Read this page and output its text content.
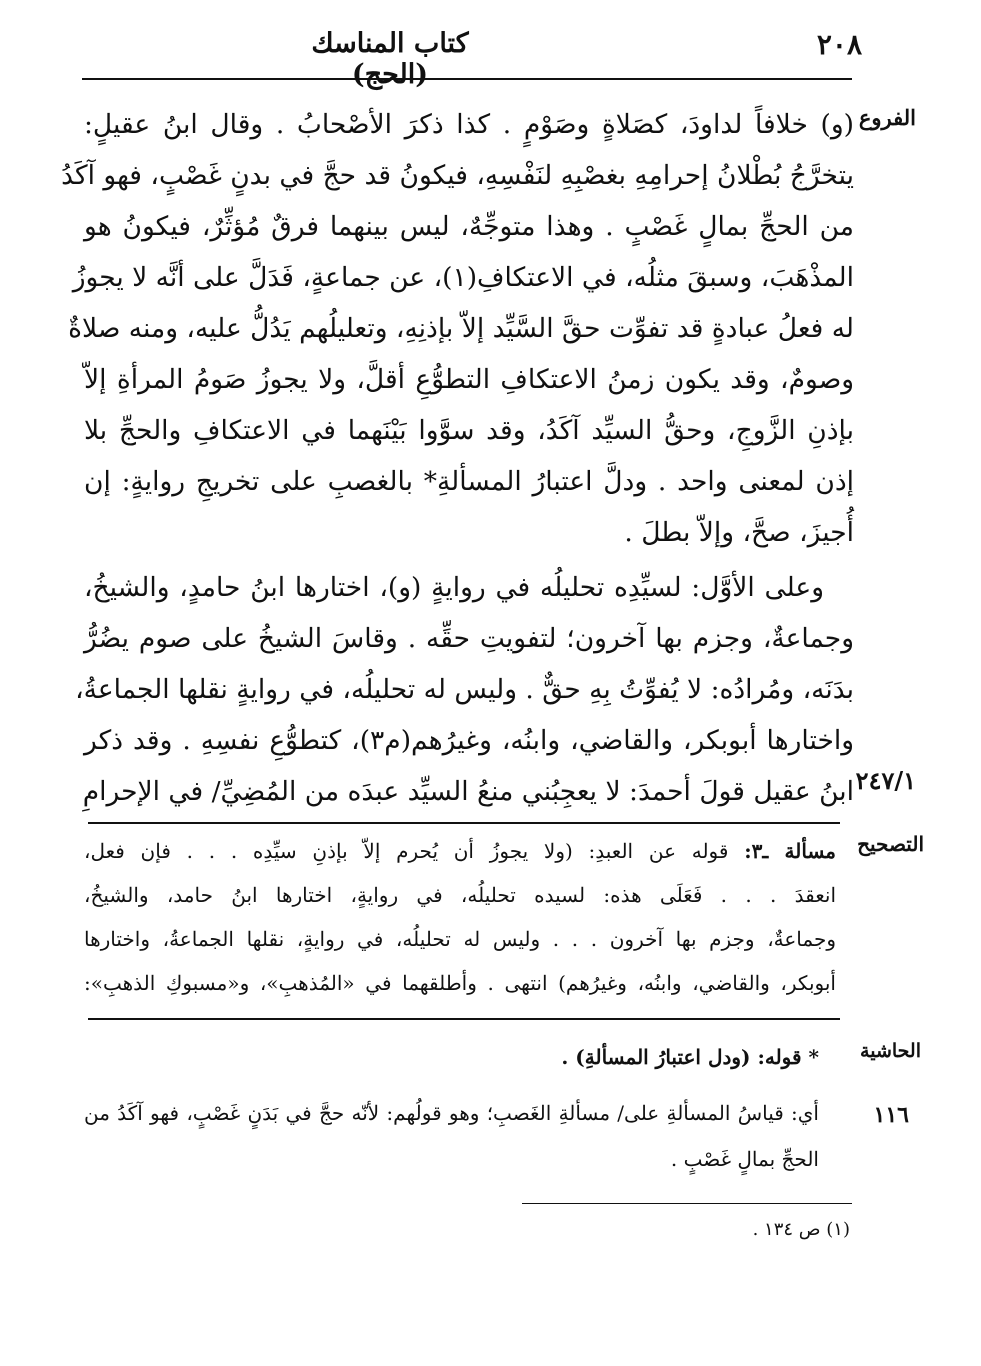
٢٠٨
كتاب المناسك (الحج)
الفروع
التصحيح
الحاشية
٢٤٧/١
١١٦
(و) خلافاً لداودَ، كصَلاةٍ وصَوْمٍ . كذا ذكرَ الأصْحابُ . وقال ابنُ عقيلٍ:
يتخرَّجُ بُطْلانُ إحرامِهِ بغصْبِهِ لنَفْسِهِ، فيكونُ قد حجَّ في بدنٍ غَصْبٍ، فهو آكَدُ
من الحجِّ بمالٍ غَصْبٍ . وهذا متوجِّهٌ، ليس بينهما فرقٌ مُؤثِّرٌ، فيكونُ هو
المذْهَبَ، وسبقَ مثلُه، في الاعتكافِ(١)، عن جماعةٍ، فَدَلَّ على أنَّه لا يجوزُ
له فعلُ عبادةٍ قد تفوِّت حقَّ السَّيِّد إلاّ بإذنِهِ، وتعليلُهم يَدُلُّ عليه، ومنه صلاةٌ
وصومٌ، وقد يكون زمنُ الاعتكافِ التطوُّعِ أقلَّ، ولا يجوزُ صَومُ المرأةِ إلاّ
بإذنِ الزَّوجِ، وحقُّ السيِّد آكَدُ، وقد سوَّوا بَيْنَهما في الاعتكافِ والحجِّ بلا
إذن لمعنى واحد . ودلَّ اعتبارُ المسألةِ* بالغصبِ على تخريجِ روايةٍ: إن
أُجيزَ، صحَّ، وإلاّ بطلَ .
وعلى الأوَّل: لسيِّدِه تحليلُه في روايةٍ (و)، اختارها ابنُ حامدٍ، والشيخُ،
وجماعةٌ، وجزم بها آخرون؛ لتفويتِ حقِّه . وقاسَ الشيخُ على صوم يضُرُّ
بدَنَه، ومُرادُه: لا يُفوِّتُ بِهِ حقٌّ . وليس له تحليلُه، في روايةٍ نقلها الجماعةُ،
واختارها أبوبكر، والقاضي، وابنُه، وغيرُهم(م٣)، كتطوُّعِ نفسِهِ . وقد ذكر
ابنُ عقيل قولَ أحمدَ: لا يعجِبُني منعُ السيِّد عبدَه من المُضِيِّ/ في الإحرامِ
مسألة ـ٣: قوله عن العبدِ: (ولا يجوزُ أن يُحرم إلاّ بإذنِ سيِّدِه . . . فإن فعل،
انعقدَ . . . فَعَلَى هذه: لسيده تحليلُه، في روايةٍ، اختارها ابنُ حامد، والشيخُ،
وجماعةٌ، وجزم بها آخرون . . . وليس له تحليلُه، في روايةٍ، نقلها الجماعةُ، واختارها
أبوبكر، والقاضي، وابنُه، وغيرُهم) انتهى . وأطلقهما في «المُذهبِ»، و«مسبوكِ الذهبِ»:
* قوله: (ودل اعتبارُ المسألةِ) .
أي: قياسُ المسألةِ على/ مسألةِ الغَصبِ؛ وهو قولُهم: لأنّه حجَّ في بَدَنٍ غَصْبٍ، فهو آكَدُ من
الحجِّ بمالٍ غَصْبٍ .
(١) ص ١٣٤ .
